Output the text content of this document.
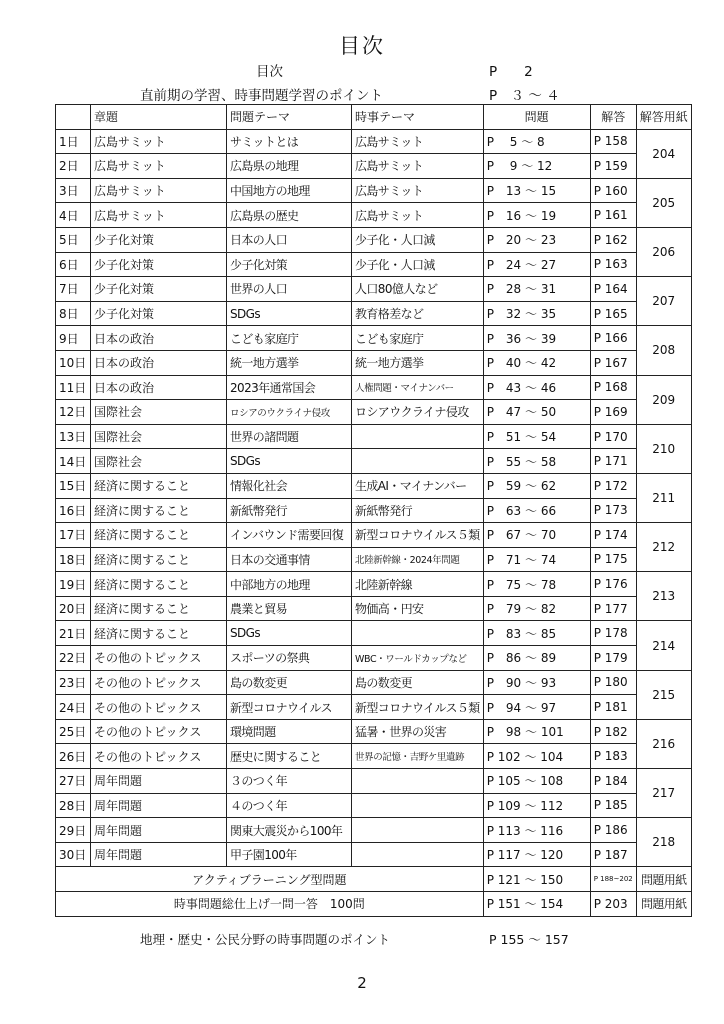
目次
目次	P　　2
直前期の学習、時事問題学習のポイント	P　３ ～ ４
	章題	問題テーマ	時事テーマ	問題	解答	解答用紙
1日	広島サミット	サミットとは	広島サミット	P　 5 ～ 8	P 158	204
2日	広島サミット	広島県の地理	広島サミット	P　 9 ～ 12	P 159	
3日	広島サミット	中国地方の地理	広島サミット	P　13 ～ 15	P 160	205
4日	広島サミット	広島県の歴史	広島サミット	P　16 ～ 19	P 161	
5日	少子化対策	日本の人口	少子化・人口減	P　20 ～ 23	P 162	206
6日	少子化対策	少子化対策	少子化・人口減	P　24 ～ 27	P 163	
7日	少子化対策	世界の人口	人口80億人など	P　28 ～ 31	P 164	207
8日	少子化対策	SDGs	教育格差など	P　32 ～ 35	P 165	
9日	日本の政治	こども家庭庁	こども家庭庁	P　36 ～ 39	P 166	208
10日	日本の政治	統一地方選挙	統一地方選挙	P　40 ～ 42	P 167	
11日	日本の政治	2023年通常国会	人権問題・マイナンバー	P　43 ～ 46	P 168	209
12日	国際社会	ロシアのウクライナ侵攻	ロシアウクライナ侵攻	P　47 ～ 50	P 169	
13日	国際社会	世界の諸問題		P　51 ～ 54	P 170	210
14日	国際社会	SDGs		P　55 ～ 58	P 171	
15日	経済に関すること	情報化社会	生成AI・マイナンバー	P　59 ～ 62	P 172	211
16日	経済に関すること	新紙幣発行	新紙幣発行	P　63 ～ 66	P 173	
17日	経済に関すること	インバウンド需要回復	新型コロナウイルス５類	P　67 ～ 70	P 174	212
18日	経済に関すること	日本の交通事情	北陸新幹線・2024年問題	P　71 ～ 74	P 175	
19日	経済に関すること	中部地方の地理	北陸新幹線	P　75 ～ 78	P 176	213
20日	経済に関すること	農業と貿易	物価高・円安	P　79 ～ 82	P 177	
21日	経済に関すること	SDGs		P　83 ～ 85	P 178	214
22日	その他のトピックス	スポーツの祭典	WBC・ワールドカップなど	P　86 ～ 89	P 179	
23日	その他のトピックス	島の数変更	島の数変更	P　90 ～ 93	P 180	215
24日	その他のトピックス	新型コロナウイルス	新型コロナウイルス５類	P　94 ～ 97	P 181	
25日	その他のトピックス	環境問題	猛暑・世界の災害	P　98 ～ 101	P 182	216
26日	その他のトピックス	歴史に関すること	世界の記憶・吉野ケ里遺跡	P 102 ～ 104	P 183	
27日	周年問題	３のつく年		P 105 ～ 108	P 184	217
28日	周年問題	４のつく年		P 109 ～ 112	P 185	
29日	周年問題	関東大震災から100年		P 113 ～ 116	P 186	218
30日	周年問題	甲子園100年		P 117 ～ 120	P 187	
アクティブラーニング型問題				P 121 ～ 150	P 188~202	問題用紙
時事問題総仕上げ一問一答　100問				P 151 ～ 154	P 203	問題用紙
地理・歴史・公民分野の時事問題のポイント	P 155 ～ 157
2
